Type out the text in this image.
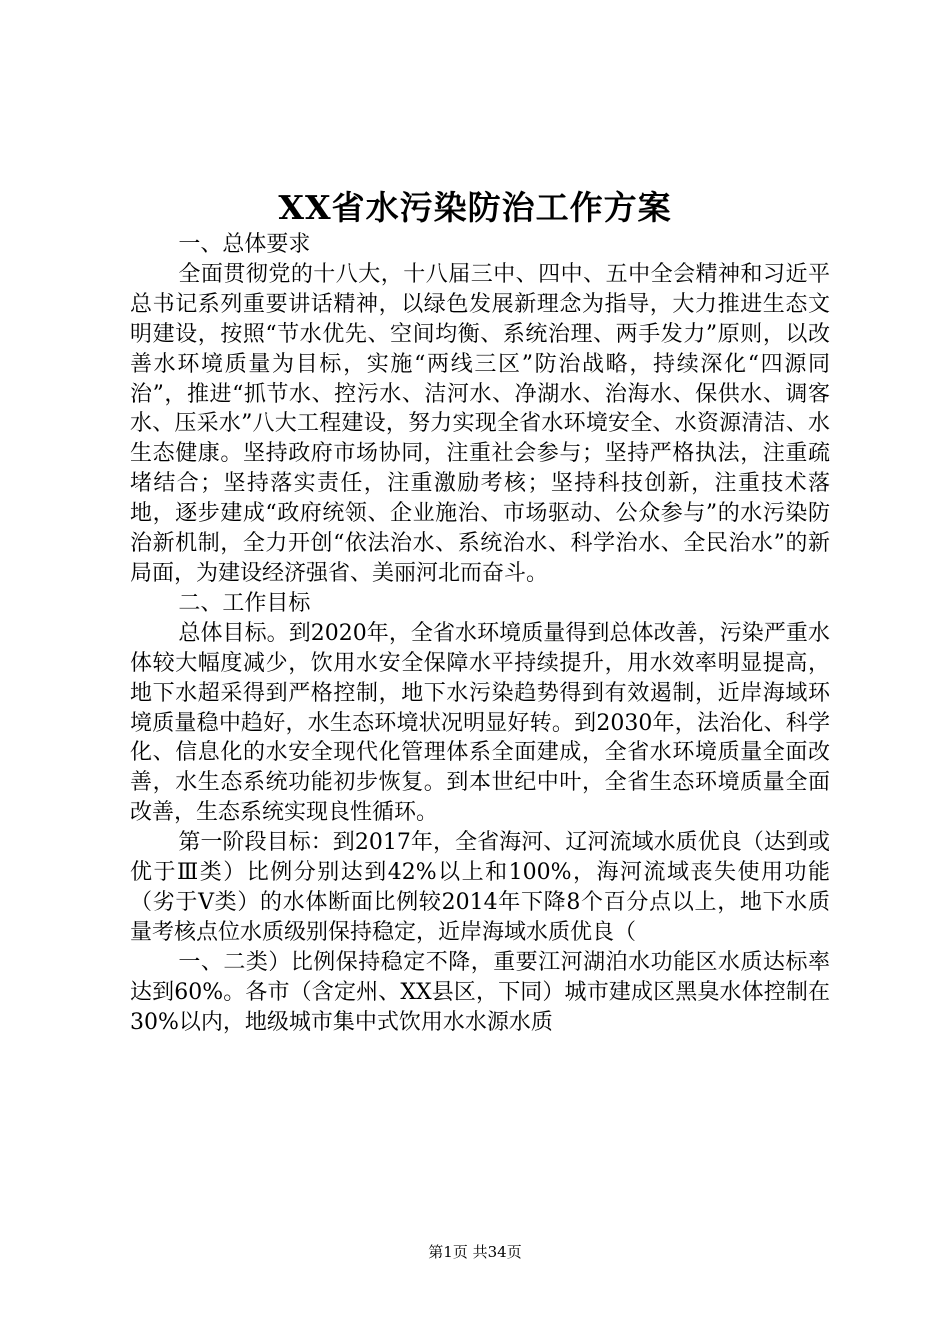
XX省水污染防治工作方案

一、总体要求

全面贯彻党的十八大，十八届三中、四中、五中全会精神和习近平总书记系列重要讲话精神，以绿色发展新理念为指导，大力推进生态文明建设，按照“节水优先、空间均衡、系统治理、两手发力”原则，以改善水环境质量为目标，实施“两线三区”防治战略，持续深化“四源同治”，推进“抓节水、控污水、洁河水、净湖水、治海水、保供水、调客水、压采水”八大工程建设，努力实现全省水环境安全、水资源清洁、水生态健康。坚持政府市场协同，注重社会参与；坚持严格执法，注重疏堵结合；坚持落实责任，注重激励考核；坚持科技创新，注重技术落地，逐步建成“政府统领、企业施治、市场驱动、公众参与”的水污染防治新机制，全力开创“依法治水、系统治水、科学治水、全民治水”的新局面，为建设经济强省、美丽河北而奋斗。

二、工作目标

总体目标。到2020年，全省水环境质量得到总体改善，污染严重水体较大幅度减少，饮用水安全保障水平持续提升，用水效率明显提高，地下水超采得到严格控制，地下水污染趋势得到有效遏制，近岸海域环境质量稳中趋好，水生态环境状况明显好转。到2030年，法治化、科学化、信息化的水安全现代化管理体系全面建成，全省水环境质量全面改善，水生态系统功能初步恢复。到本世纪中叶，全省生态环境质量全面改善，生态系统实现良性循环。

第一阶段目标：到2017年，全省海河、辽河流域水质优良（达到或优于Ⅲ类）比例分别达到42%以上和100%，海河流域丧失使用功能（劣于Ⅴ类）的水体断面比例较2014年下降8个百分点以上，地下水质量考核点位水质级别保持稳定，近岸海域水质优良（

一、二类）比例保持稳定不降，重要江河湖泊水功能区水质达标率达到60%。各市（含定州、XX县区，下同）城市建成区黑臭水体控制在30%以内，地级城市集中式饮用水水源水质

第1页 共34页
